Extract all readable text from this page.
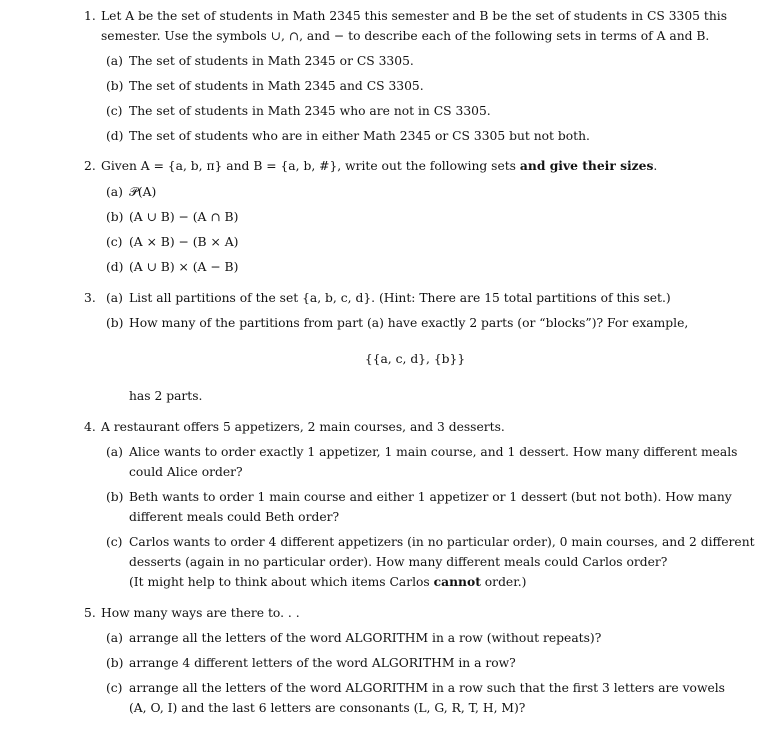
1. Let A be the set of students in Math 2345 this semester and B be the set of students in CS 3305 this
semester. Use the symbols ∪, ∩, and − to describe each of the following sets in terms of A and B.
(a) The set of students in Math 2345 or CS 3305.
(b) The set of students in Math 2345 and CS 3305.
(c) The set of students in Math 2345 who are not in CS 3305.
(d) The set of students who are in either Math 2345 or CS 3305 but not both.
2. Given A = {a, b, π} and B = {a, b, #}, write out the following sets and give their sizes.
(a) 𝒫(A)
(b) (A ∪ B) − (A ∩ B)
(c) (A × B) − (B × A)
(d) (A ∪ B) × (A − B)
3. (a) List all partitions of the set {a, b, c, d}. (Hint: There are 15 total partitions of this set.)
(b) How many of the partitions from part (a) have exactly 2 parts (or “blocks”)? For example,
{{a, c, d}, {b}}
has 2 parts.
4. A restaurant offers 5 appetizers, 2 main courses, and 3 desserts.
(a) Alice wants to order exactly 1 appetizer, 1 main course, and 1 dessert. How many different meals
could Alice order?
(b) Beth wants to order 1 main course and either 1 appetizer or 1 dessert (but not both). How many
different meals could Beth order?
(c) Carlos wants to order 4 different appetizers (in no particular order), 0 main courses, and 2 different
desserts (again in no particular order). How many different meals could Carlos order?
(It might help to think about which items Carlos cannot order.)
5. How many ways are there to. . .
(a) arrange all the letters of the word ALGORITHM in a row (without repeats)?
(b) arrange 4 different letters of the word ALGORITHM in a row?
(c) arrange all the letters of the word ALGORITHM in a row such that the first 3 letters are vowels
(A, O, I) and the last 6 letters are consonants (L, G, R, T, H, M)?
